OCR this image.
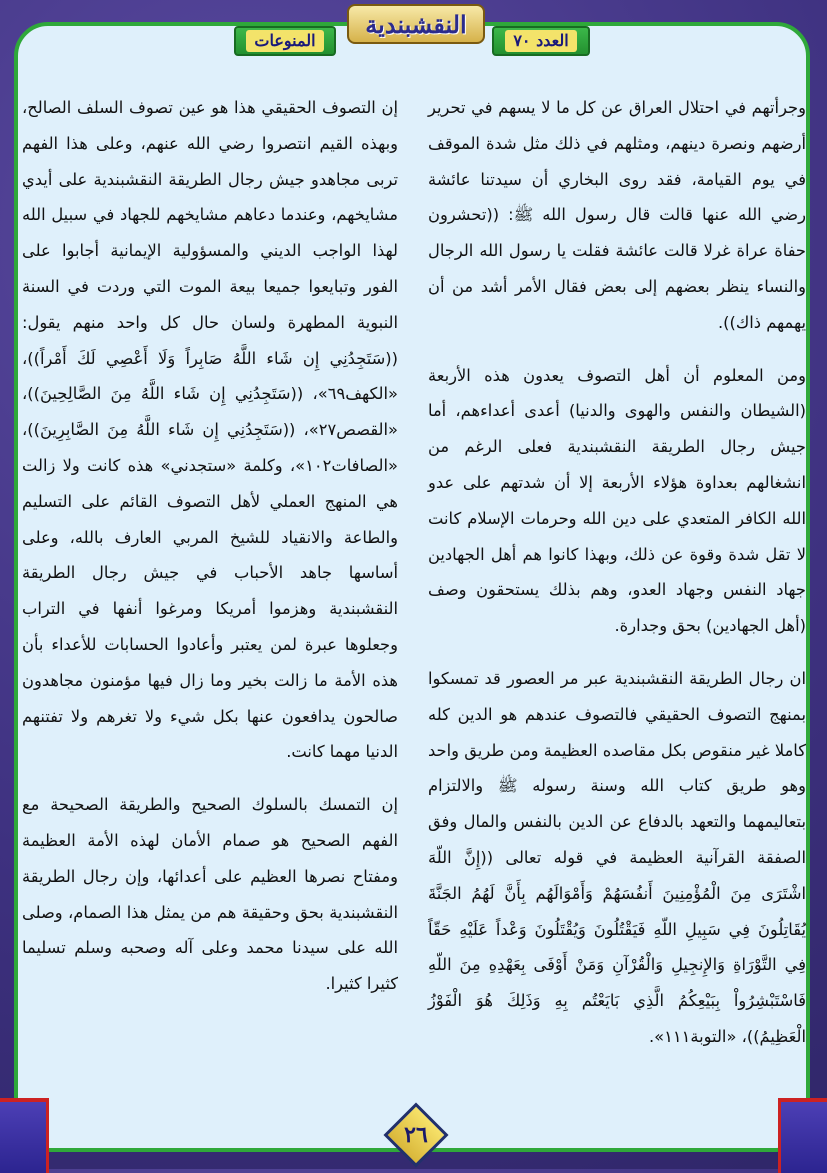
النقشبندية
المنوعات	العدد ٧٠

وجرأتهم في احتلال العراق عن كل ما لا يسهم في تحرير أرضهم ونصرة دينهم، ومثلهم في ذلك مثل شدة الموقف في يوم القيامة، فقد روى البخاري أن سيدتنا عائشة رضي الله عنها قالت قال رسول الله ﷺ: ((تحشرون حفاة عراة غرلا قالت عائشة فقلت يا رسول الله الرجال والنساء ينظر بعضهم إلى بعض فقال الأمر أشد من أن يهمهم ذاك)).

ومن المعلوم أن أهل التصوف يعدون هذه الأربعة (الشيطان والنفس والهوى والدنيا) أعدى أعداءهم، أما جيش رجال الطريقة النقشبندية فعلى الرغم من انشغالهم بعداوة هؤلاء الأربعة إلا أن شدتهم على عدو الله الكافر المتعدي على دين الله وحرمات الإسلام كانت لا تقل شدة وقوة عن ذلك، وبهذا كانوا هم أهل الجهادين جهاد النفس وجهاد العدو، وهم بذلك يستحقون وصف (أهل الجهادين) بحق وجدارة.

ان رجال الطريقة النقشبندية عبر مر العصور قد تمسكوا بمنهج التصوف الحقيقي فالتصوف عندهم هو الدين كله كاملا غير منقوص بكل مقاصده العظيمة ومن طريق واحد وهو طريق كتاب الله وسنة رسوله ﷺ والالتزام بتعاليمهما والتعهد بالدفاع عن الدين بالنفس والمال وفق الصفقة القرآنية العظيمة في قوله تعالى ((إِنَّ اللّهَ اشْتَرَى مِنَ الْمُؤْمِنِينَ أَنفُسَهُمْ وَأَمْوَالَهُم بِأَنَّ لَهُمُ الجَنَّةَ يُقَاتِلُونَ فِي سَبِيلِ اللّهِ فَيَقْتُلُونَ وَيُقْتَلُونَ وَعْداً عَلَيْهِ حَقّاً فِي التَّوْرَاةِ وَالإِنجِيلِ وَالْقُرْآنِ وَمَنْ أَوْفَى بِعَهْدِهِ مِنَ اللّهِ فَاسْتَبْشِرُواْ بِبَيْعِكُمُ الَّذِي بَايَعْتُم بِهِ وَذَلِكَ هُوَ الْفَوْزُ الْعَظِيمُ))، «التوبة١١١».

إن التصوف الحقيقي هذا هو عين تصوف السلف الصالح، وبهذه القيم انتصروا رضي الله عنهم، وعلى هذا الفهم تربى مجاهدو جيش رجال الطريقة النقشبندية على أيدي مشايخهم، وعندما دعاهم مشايخهم للجهاد في سبيل الله لهذا الواجب الديني والمسؤولية الإيمانية أجابوا على الفور وتبايعوا جميعا بيعة الموت التي وردت في السنة النبوية المطهرة ولسان حال كل واحد منهم يقول: ((سَتَجِدُنِي إِن شَاء اللَّهُ صَابِراً وَلَا أَعْصِي لَكَ أَمْراً))، «الكهف٦٩»، ((سَتَجِدُنِي إِن شَاء اللَّهُ مِنَ الصَّالِحِينَ))، «القصص٢٧»، ((سَتَجِدُنِي إِن شَاء اللَّهُ مِنَ الصَّابِرِينَ))، «الصافات١٠٢»، وكلمة «ستجدني» هذه كانت ولا زالت هي المنهج العملي لأهل التصوف القائم على التسليم والطاعة والانقياد للشيخ المربي العارف بالله، وعلى أساسها جاهد الأحباب في جيش رجال الطريقة النقشبندية وهزموا أمريكا ومرغوا أنفها في التراب وجعلوها عبرة لمن يعتبر وأعادوا الحسابات للأعداء بأن هذه الأمة ما زالت بخير وما زال فيها مؤمنون مجاهدون صالحون يدافعون عنها بكل شيء ولا تغرهم ولا تفتنهم الدنيا مهما كانت.

إن التمسك بالسلوك الصحيح والطريقة الصحيحة مع الفهم الصحيح هو صمام الأمان لهذه الأمة العظيمة ومفتاح نصرها العظيم على أعدائها، وإن رجال الطريقة النقشبندية بحق وحقيقة هم من يمثل هذا الصمام، وصلى الله على سيدنا محمد وعلى آله وصحبه وسلم تسليما كثيرا كثيرا.

٢٦
